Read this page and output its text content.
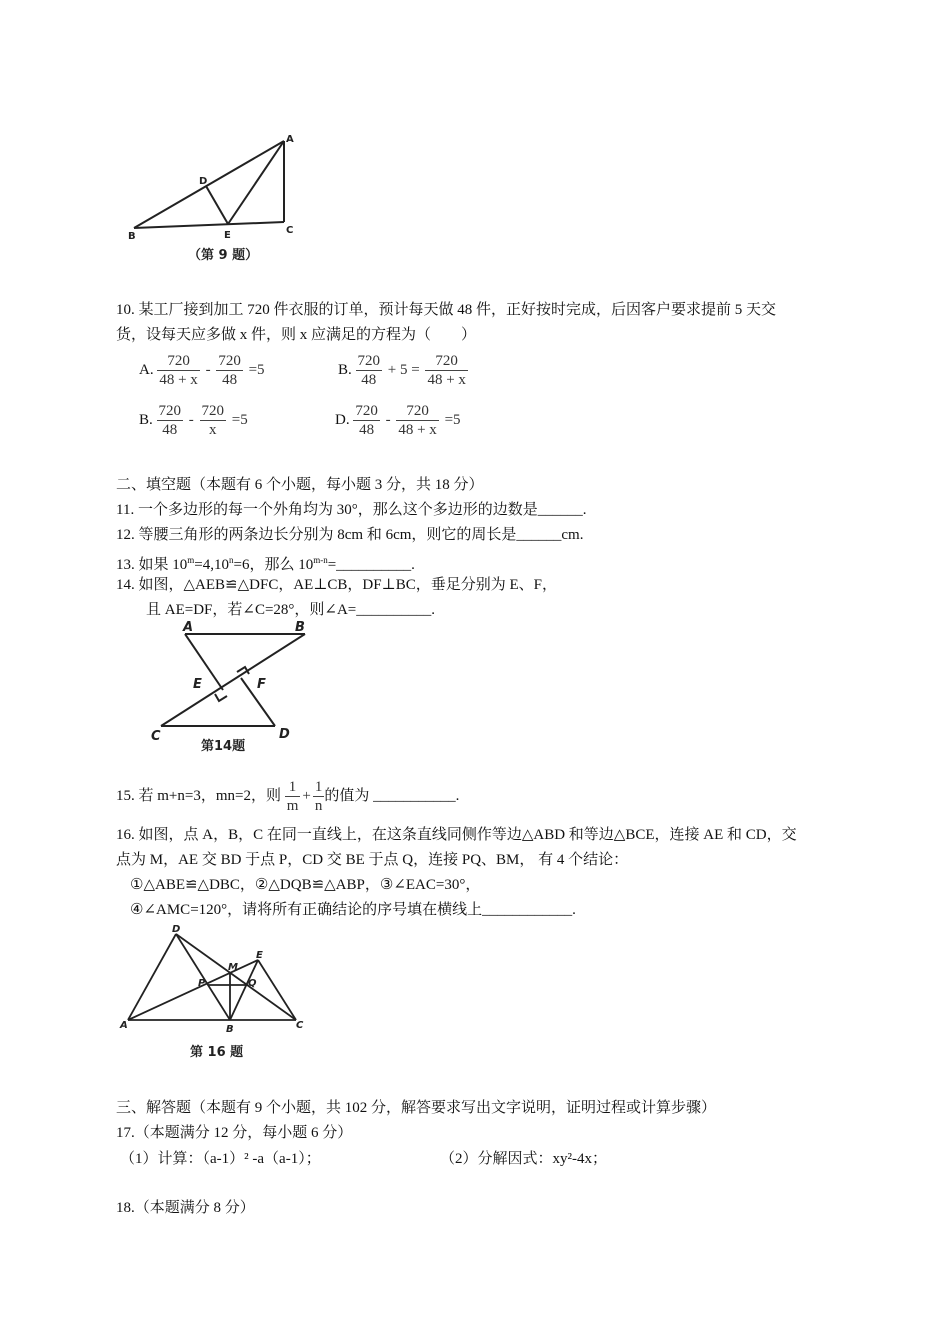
A
B
C
D
E
（第 9 题）
10. 某工厂接到加工 720 件衣服的订单，预计每天做 48 件，正好按时完成，后因客户要求提前 5 天交
货，设每天应多做 x 件，则 x 应满足的方程为（　　）
A. $\frac{720}{48 + x} - \frac{720}{48} =5$	B. $\frac{720}{48} + 5 = \frac{720}{48 + x}$
B. $\frac{720}{48} - \frac{720}{x} =5$	D. $\frac{720}{48} - \frac{720}{48 + x} =5$
二、填空题（本题有 6 个小题，每小题 3 分，共 18 分）
11. 一个多边形的每一个外角均为 30°，那么这个多边形的边数是______.
12. 等腰三角形的两条边长分别为 8cm 和 6cm，则它的周长是______cm.
13. 如果 $10^m=4,10^n=6$，那么 $10^{m-n}=\_\_\_\_\_\_\_\_\_\_$.
14. 如图，△AEB≌△DFC，AE⊥CB，DF⊥BC，垂足分别为 E、F，
且 AE=DF，若∠C=28°，则∠A=__________.
A	B
C	D
E	F
第14题
15. 若 m+n=3，mn=2，则 $\frac{1}{m} + \frac{1}{n}$ 的值为 ___________.
16. 如图，点 A，B，C 在同一直线上，在这条直线同侧作等边△ABD 和等边△BCE，连接 AE 和 CD，交
点为 M，AE 交 BD 于点 P，CD 交 BE 于点 Q，连接 PQ、BM， 有 4 个结论：
①△ABE≌△DBC，②△DQB≌△ABP，③∠EAC=30°，
④∠AMC=120°，请将所有正确结论的序号填在横线上____________.
A	B	C
D
E
M
P	Q
第 16 题
三、解答题（本题有 9 个小题，共 102 分，解答要求写出文字说明，证明过程或计算步骤）
17.（本题满分 12 分，每小题 6 分）
（1）计算：（a-1）² -a（a-1）；	（2）分解因式：xy²-4x；
18.（本题满分 8 分）
